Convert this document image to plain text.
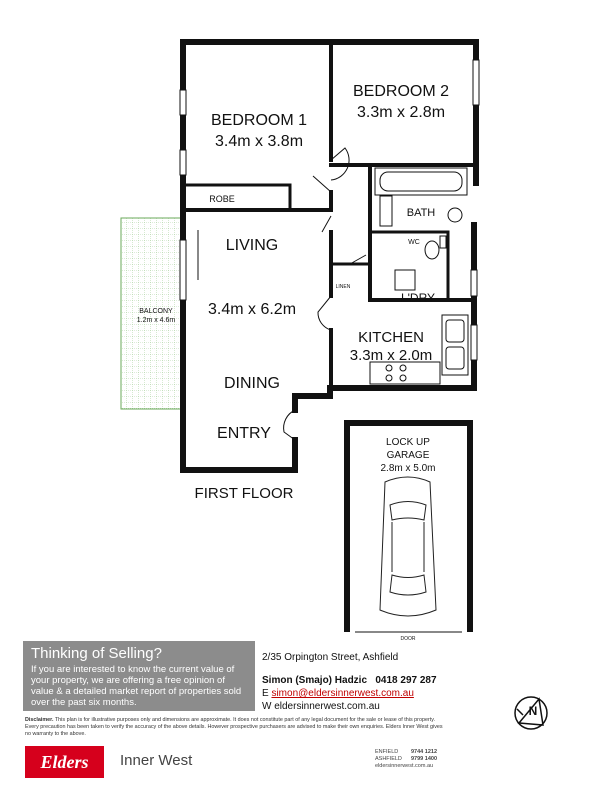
BEDROOM 1
3.4m x 3.8m
BEDROOM 2
3.3m x 2.8m
ROBE
BATH
WC
LINEN
L'DRY
LIVING
3.4m x 6.2m
DINING
ENTRY
KITCHEN
3.3m x 2.0m
BALCONY
1.2m x 4.6m
LOCK UP
GARAGE
2.8m x 5.0m
DOOR
FIRST FLOOR
N
Thinking of Selling?
If you are interested to know the current value of your property, we are offering a free opinion of value & a detailed market report of properties sold over the past six months.
2/35 Orpington Street, Ashfield
Simon (Smajo) Hadzic 0418 297 287
E simon@eldersinnerwest.com.au
W eldersinnerwest.com.au
Disclaimer. This plan is for illustrative purposes only and dimensions are approximate. It does not constitute part of any legal document for the sale or lease of this property. Every precaution has been taken to verify the accuracy of the above details. However prospective purchasers are advised to make their own enquiries. Elders Inner West gives no warranty to the above.
Elders	Inner West	ENFIELD 9744 1212
ASHFIELD 9799 1400
eldersinnerwest.com.au
